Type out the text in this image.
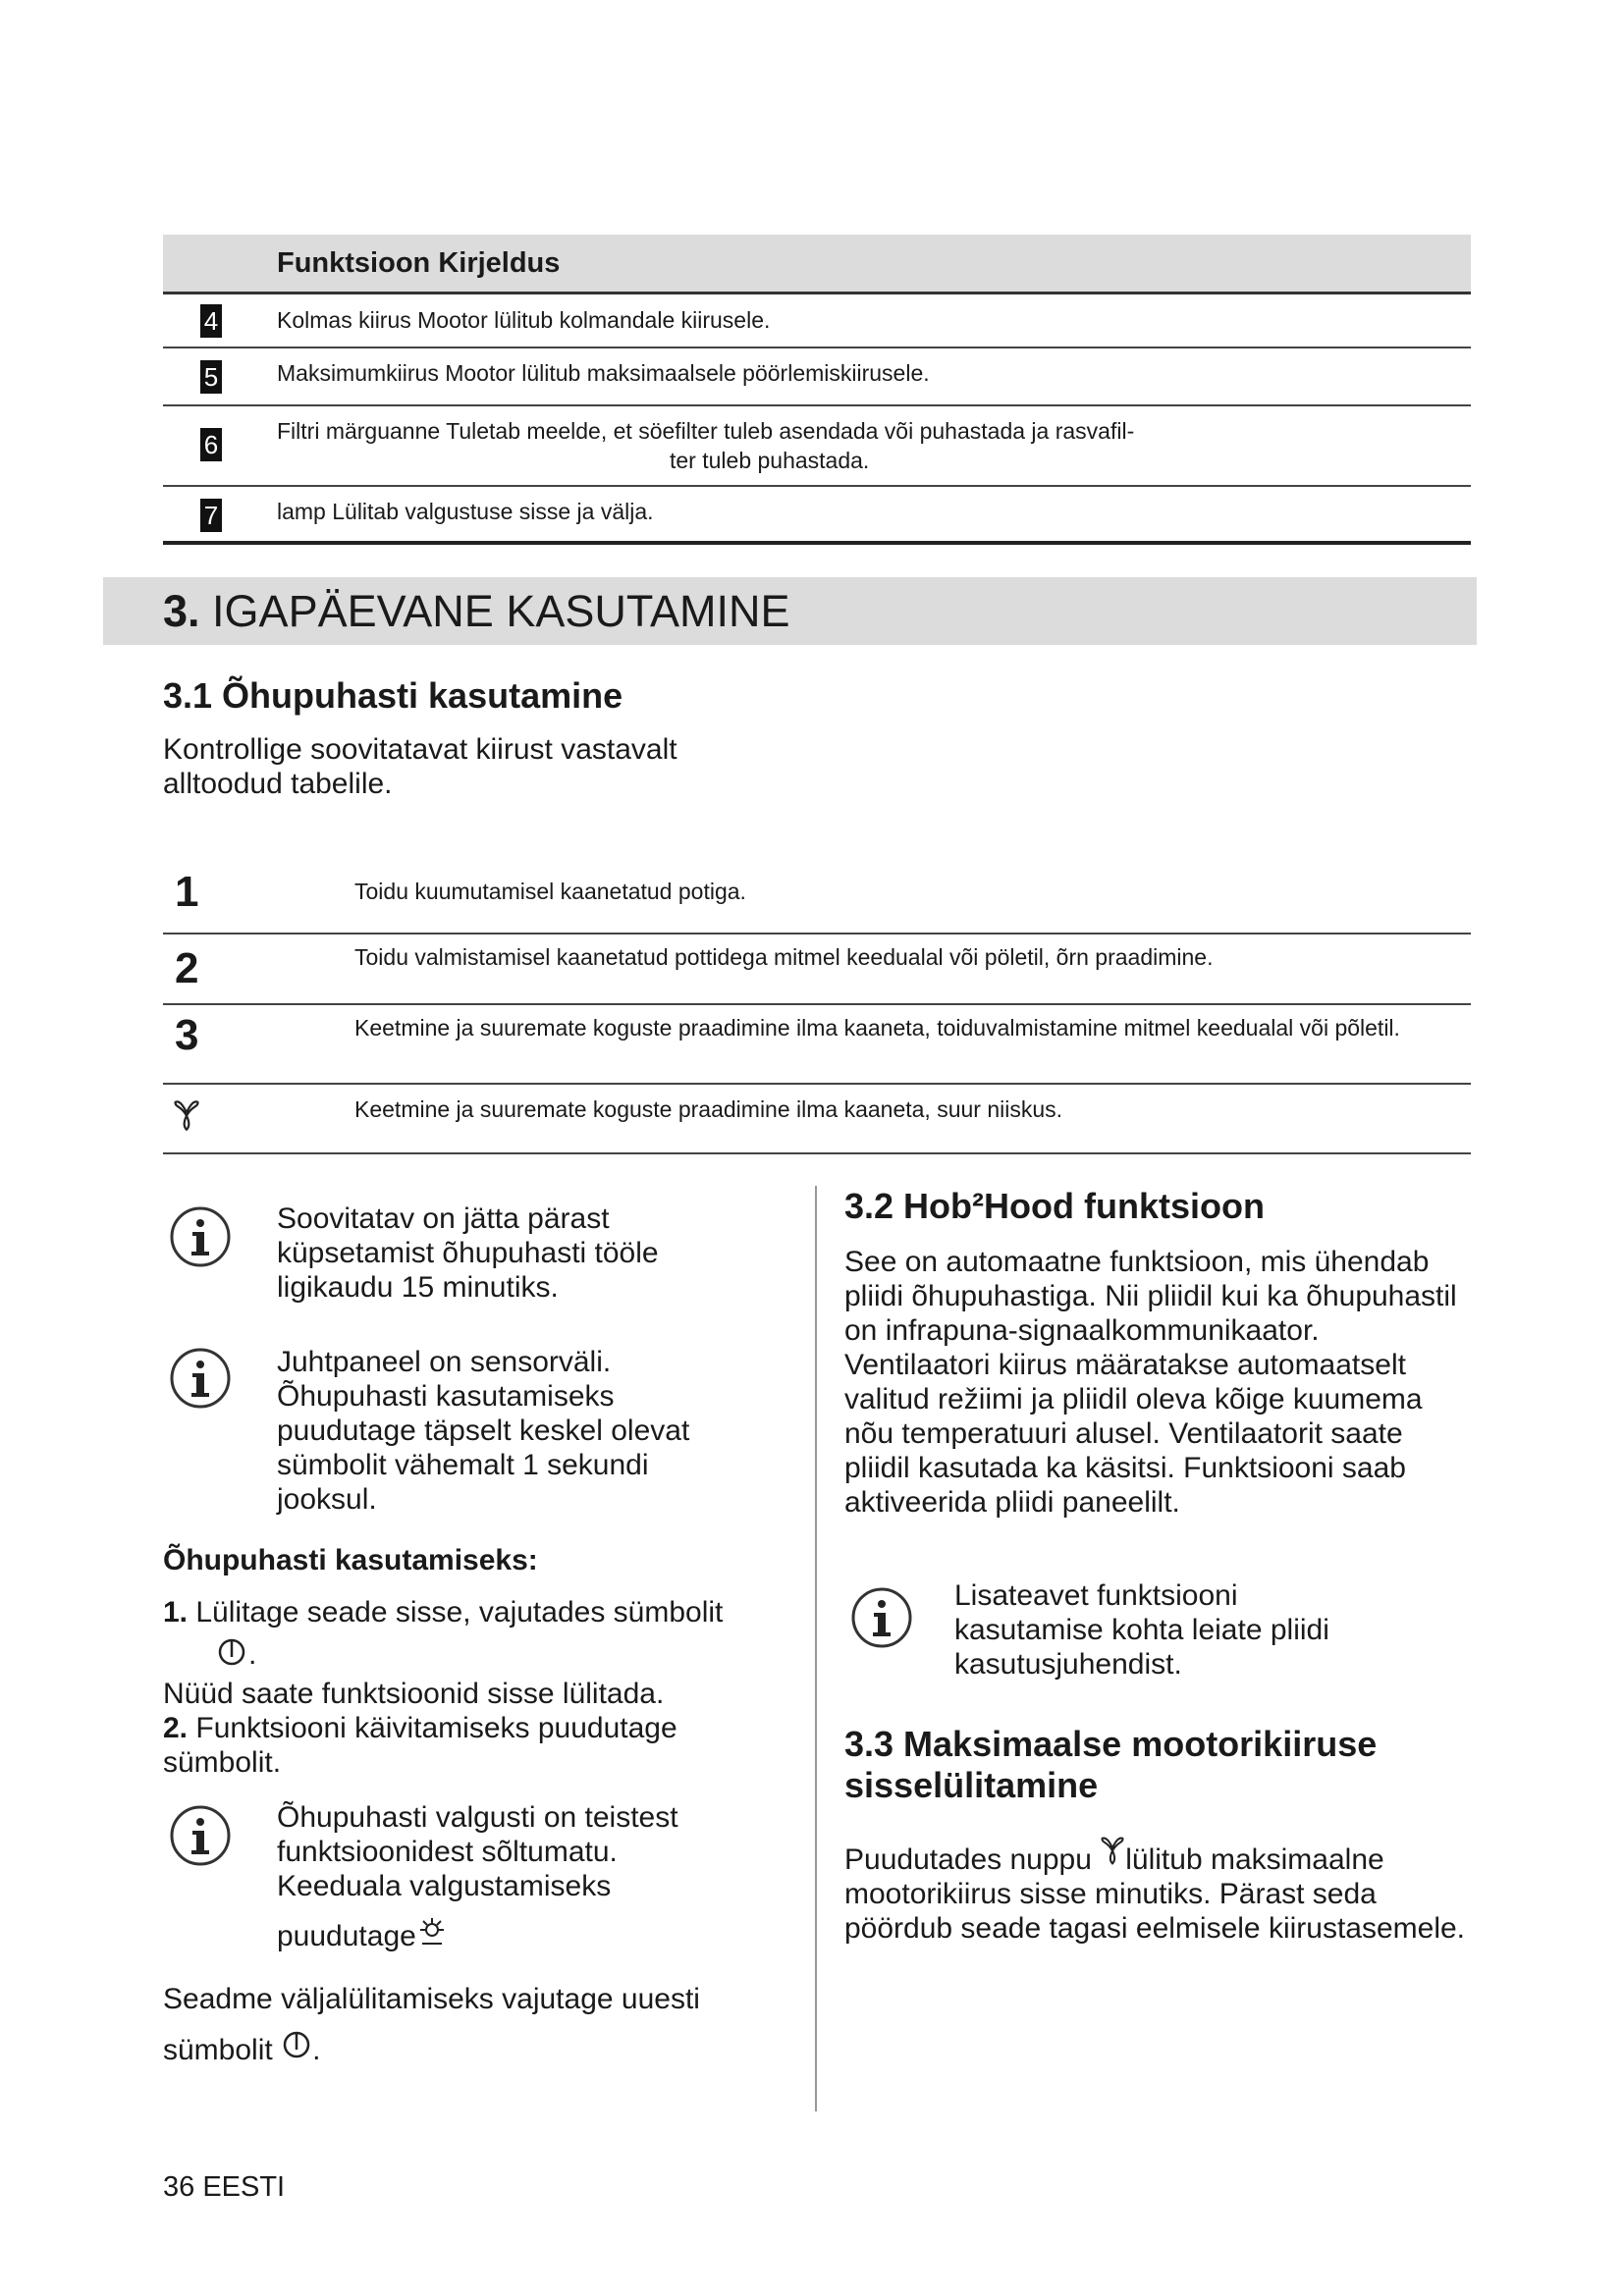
Funktsioon Kirjeldus
4	Kolmas kiirus Mootor lülitub kolmandale kiirusele.
5	Maksimumkiirus Mootor lülitub maksimaalsele pöörlemiskiirusele.
6	Filtri märguanne Tuletab meelde, et söefilter tuleb asendada või puhastada ja rasvafil-
ter tuleb puhastada.
7	lamp Lülitab valgustuse sisse ja välja.
3. IGAPÄEVANE KASUTAMINE
3.1 Õhupuhasti kasutamine
Kontrollige soovitatavat kiirust vastavalt alltoodud tabelile.
1	Toidu kuumutamisel kaanetatud potiga.
2	Toidu valmistamisel kaanetatud pottidega mitmel keedualal või pöletil, õrn praadimine.
3	Keetmine ja suuremate koguste praadimine ilma kaaneta, toiduvalmistamine mitmel keedualal või põletil.
Keetmine ja suuremate koguste praadimine ilma kaaneta, suur niiskus.
Soovitatav on jätta pärast küpsetamist õhupuhasti tööle ligikaudu 15 minutiks.
Juhtpaneel on sensorväli. Õhupuhasti kasutamiseks puudutage täpselt keskel olevat sümbolit vähemalt 1 sekundi jooksul.
Õhupuhasti kasutamiseks:
1. Lülitage seade sisse, vajutades sümbolit
.
Nüüd saate funktsioonid sisse lülitada.
2. Funktsiooni käivitamiseks puudutage sümbolit.
Õhupuhasti valgusti on teistest funktsioonidest sõltumatu. Keeduala valgustamiseks
puudutage
Seadme väljalülitamiseks vajutage uuesti
sümbolit .
3.2 Hob²Hood funktsioon
See on automaatne funktsioon, mis ühendab pliidi õhupuhastiga. Nii pliidil kui ka õhupuhastil on infrapuna-signaalkommunikaator. Ventilaatori kiirus määratakse automaatselt valitud režiimi ja pliidil oleva kõige kuumema nõu temperatuuri alusel. Ventilaatorit saate pliidil kasutada ka käsitsi. Funktsiooni saab aktiveerida pliidi paneelilt.
Lisateavet funktsiooni kasutamise kohta leiate pliidi kasutusjuhendist.
3.3 Maksimaalse mootorikiiruse sisselülitamine
Puudutades nuppu lülitub maksimaalne mootorikiirus sisse minutiks. Pärast seda pöördub seade tagasi eelmisele kiirustasemele.
36 EESTI
